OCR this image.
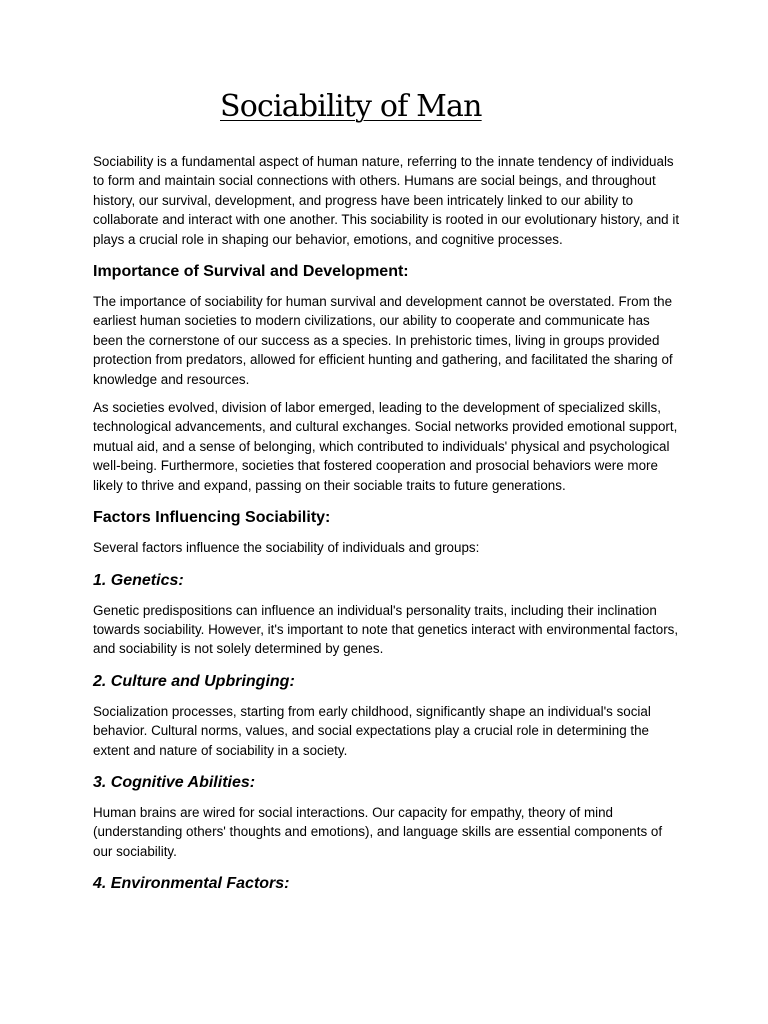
Sociability of Man

Sociability is a fundamental aspect of human nature, referring to the innate tendency of individuals to form and maintain social connections with others. Humans are social beings, and throughout history, our survival, development, and progress have been intricately linked to our ability to collaborate and interact with one another. This sociability is rooted in our evolutionary history, and it plays a crucial role in shaping our behavior, emotions, and cognitive processes.

Importance of Survival and Development:

The importance of sociability for human survival and development cannot be overstated. From the earliest human societies to modern civilizations, our ability to cooperate and communicate has been the cornerstone of our success as a species. In prehistoric times, living in groups provided protection from predators, allowed for efficient hunting and gathering, and facilitated the sharing of knowledge and resources.

As societies evolved, division of labor emerged, leading to the development of specialized skills, technological advancements, and cultural exchanges. Social networks provided emotional support, mutual aid, and a sense of belonging, which contributed to individuals' physical and psychological well-being. Furthermore, societies that fostered cooperation and prosocial behaviors were more likely to thrive and expand, passing on their sociable traits to future generations.

Factors Influencing Sociability:

Several factors influence the sociability of individuals and groups:

1. Genetics:

Genetic predispositions can influence an individual's personality traits, including their inclination towards sociability. However, it's important to note that genetics interact with environmental factors, and sociability is not solely determined by genes.

2. Culture and Upbringing:

Socialization processes, starting from early childhood, significantly shape an individual's social behavior. Cultural norms, values, and social expectations play a crucial role in determining the extent and nature of sociability in a society.

3. Cognitive Abilities:

Human brains are wired for social interactions. Our capacity for empathy, theory of mind (understanding others' thoughts and emotions), and language skills are essential components of our sociability.

4. Environmental Factors:
